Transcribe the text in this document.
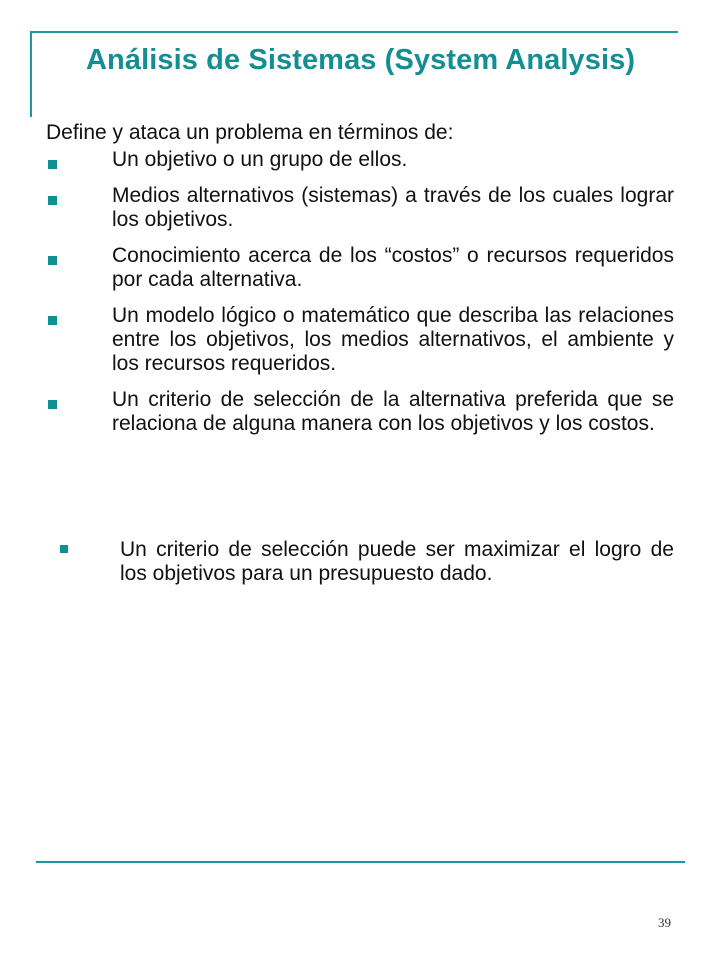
Análisis de Sistemas (System Analysis)
Define y ataca un problema en términos de:
Un objetivo o un grupo de ellos.
Medios alternativos (sistemas) a través de los cuales lograr los objetivos.
Conocimiento acerca de los “costos” o recursos requeridos por cada alternativa.
Un modelo lógico o matemático que describa las relaciones entre los objetivos, los medios alternativos, el ambiente y los recursos requeridos.
Un criterio de selección de la alternativa preferida que se relaciona de alguna manera con los objetivos y los costos.
Un criterio de selección puede ser maximizar el logro de los objetivos para un presupuesto dado.
39
